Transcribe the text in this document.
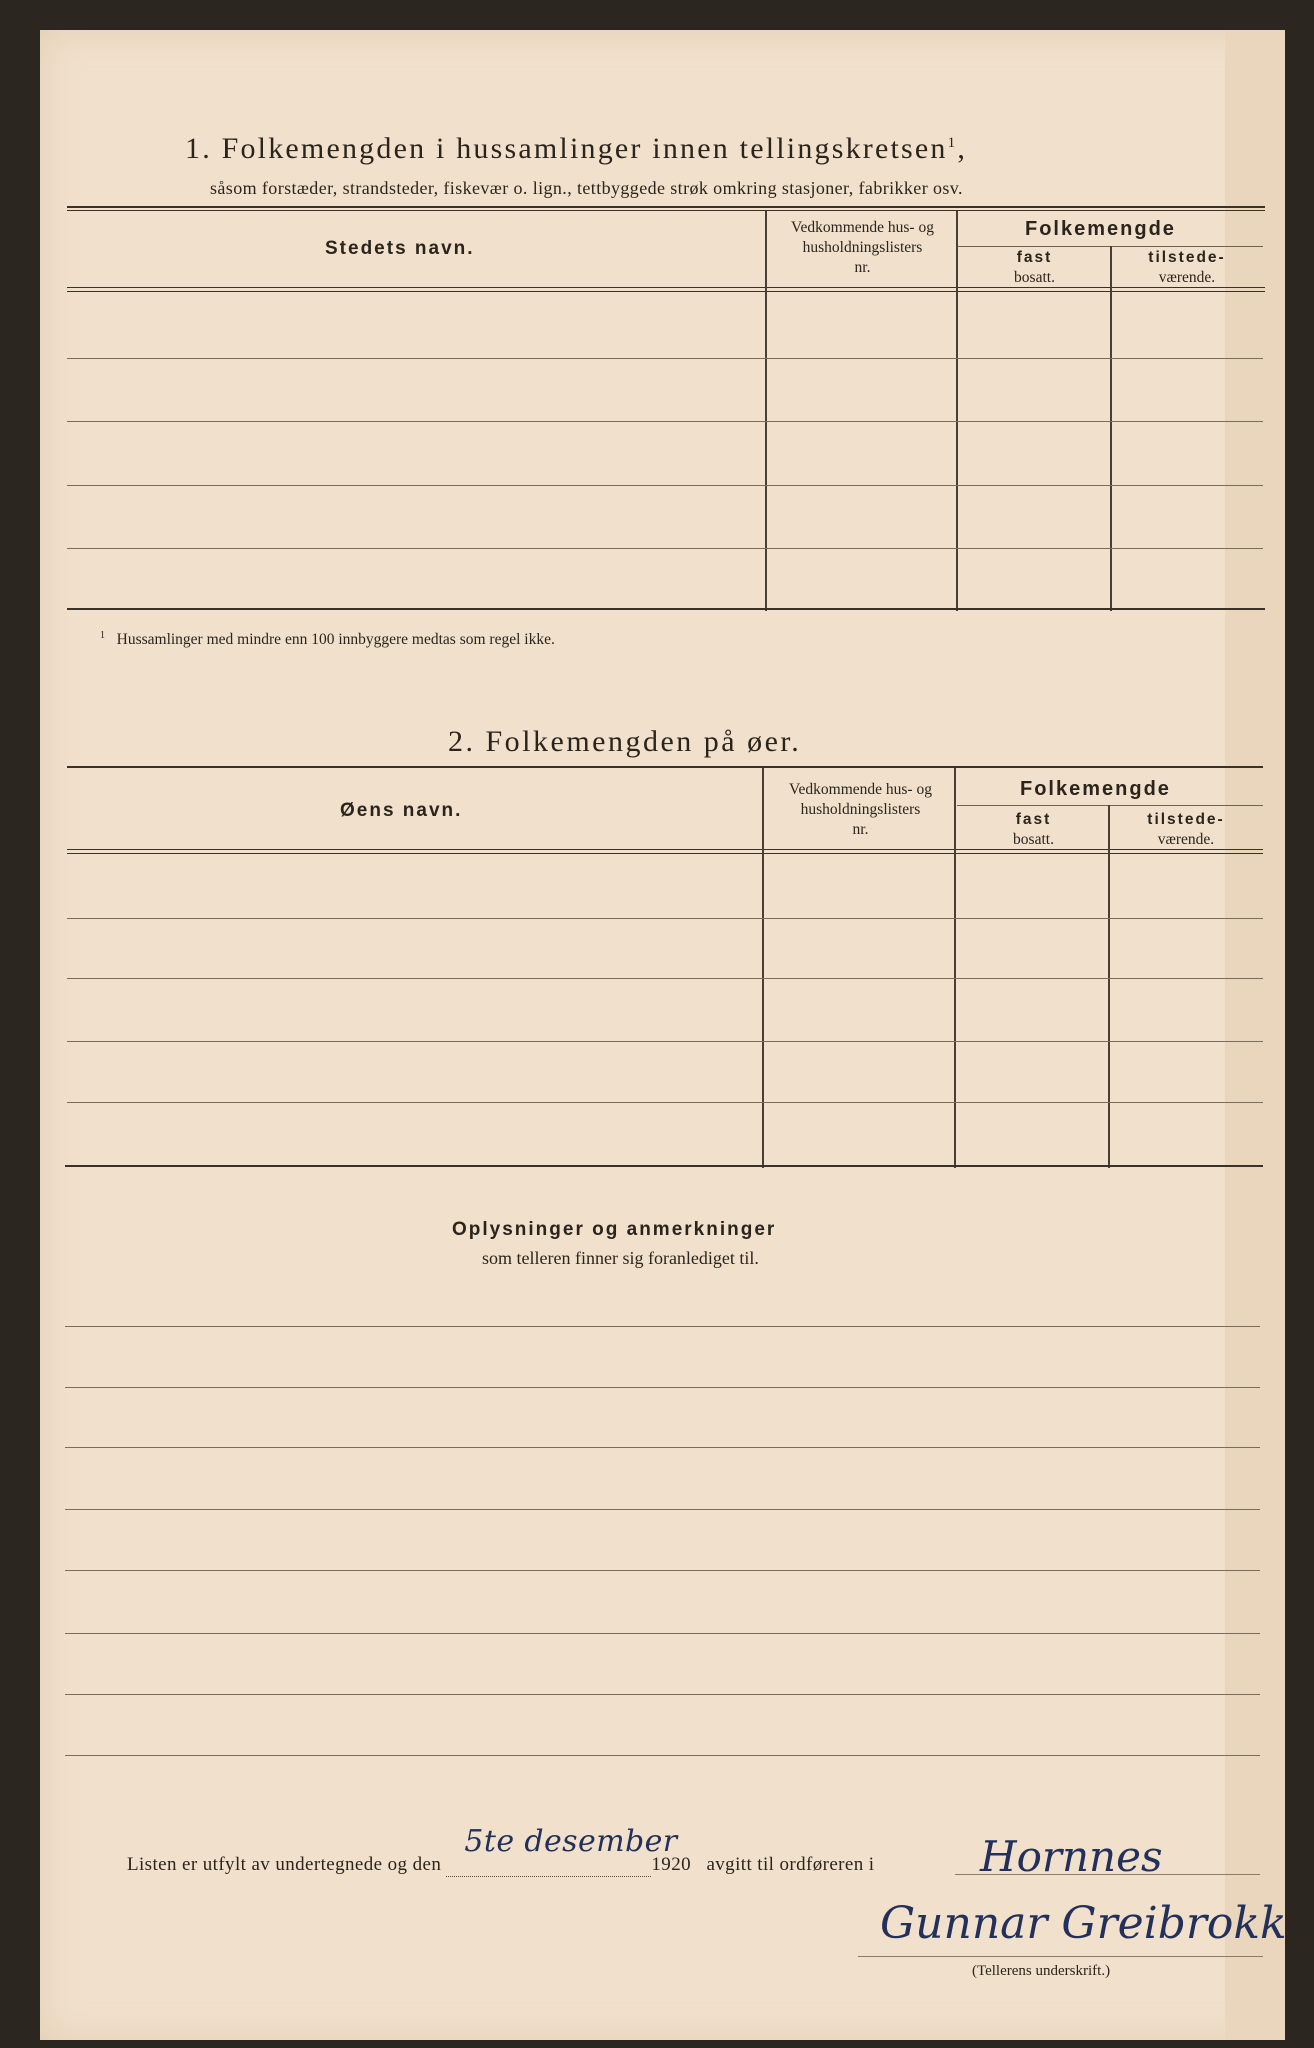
1. Folkemengden i hussamlinger innen tellingskretsen$^1$,
såsom forstæder, strandsteder, fiskevær o. lign., tettbyggede strøk omkring stasjoner, fabrikker osv.
Stedets navn.
Vedkommende hus- og
husholdningslisters
nr.
Folkemengde
fast
bosatt.
tilstede-
værende.
$^1$ Hussamlinger med mindre enn 100 innbyggere medtas som regel ikke.
2. Folkemengden på øer.
Øens navn.
Vedkommende hus- og
husholdningslisters
nr.
Folkemengde
fast
bosatt.
tilstede-
værende.
Oplysninger og anmerkninger
som telleren finner sig foranlediget til.
Listen er utfylt av undertegnede og den
5te desember
1920 avgitt til ordføreren i	Hornnes
Gunnar Greibrokk
(Tellerens underskrift.)
